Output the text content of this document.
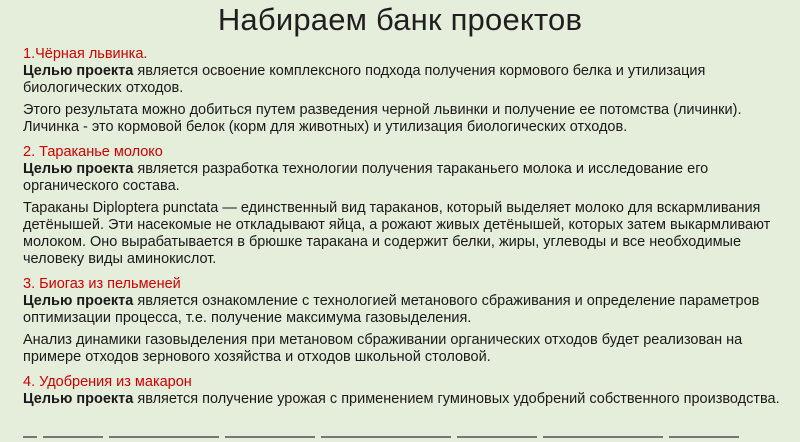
Набираем банк проектов

1.Чёрная львинка.

Целью проекта является освоение комплексного подхода получения кормового белка и утилизация биологических отходов.

Этого результата можно добиться путем разведения черной львинки и получение ее потомства (личинки). Личинка - это кормовой белок (корм для животных) и утилизация биологических отходов.

2. Тараканье молоко

Целью проекта является разработка технологии получения тараканьего молока и исследование его органического состава.

Тараканы Diploptera punctata — единственный вид тараканов, который выделяет молоко для вскармливания детёнышей. Эти насекомые не откладывают яйца, а рожают живых детёнышей, которых затем выкармливают молоком. Оно вырабатывается в брюшке таракана и содержит белки, жиры, углеводы и все необходимые человеку виды аминокислот.

3. Биогаз из пельменей

Целью проекта является ознакомление с технологией метанового сбраживания и определение параметров оптимизации процесса, т.е. получение максимума газовыделения.

Анализ динамики газовыделения при метановом сбраживании органических отходов будет реализован на примере отходов зернового хозяйства и отходов школьной столовой.

4. Удобрения из макарон

Целью проекта является получение урожая с применением гуминовых удобрений собственного производства.
